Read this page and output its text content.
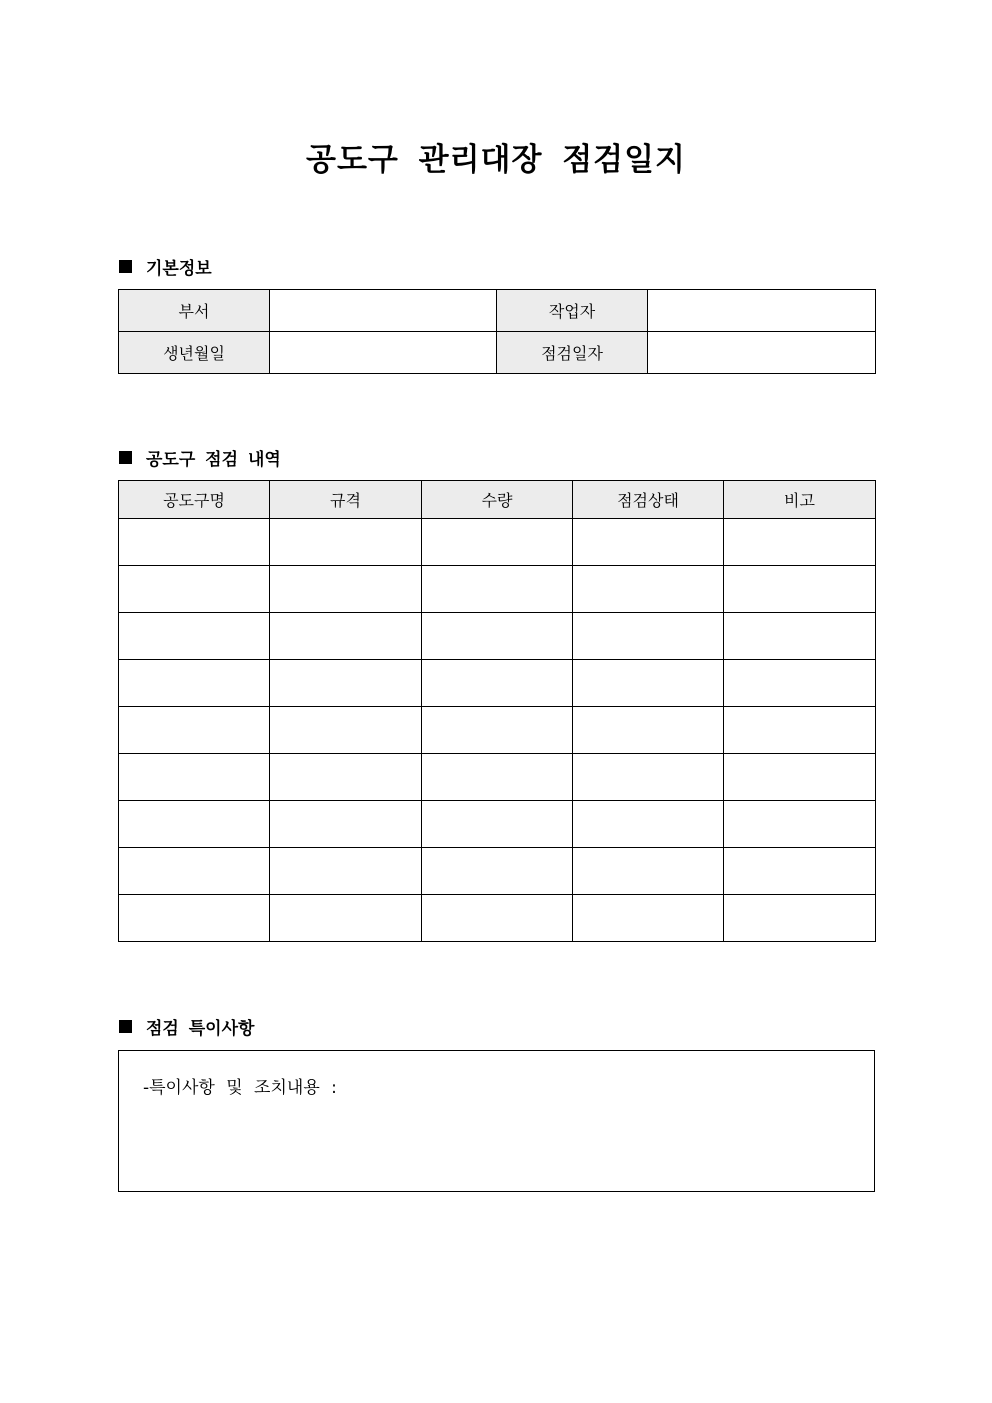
공도구 관리대장 점검일지
기본정보
부서		작업자	
생년월일		점검일자	
공도구 점검 내역
공도구명	규격	수량	점검상태	비고

점검 특이사항
-특이사항 및 조치내용 :
